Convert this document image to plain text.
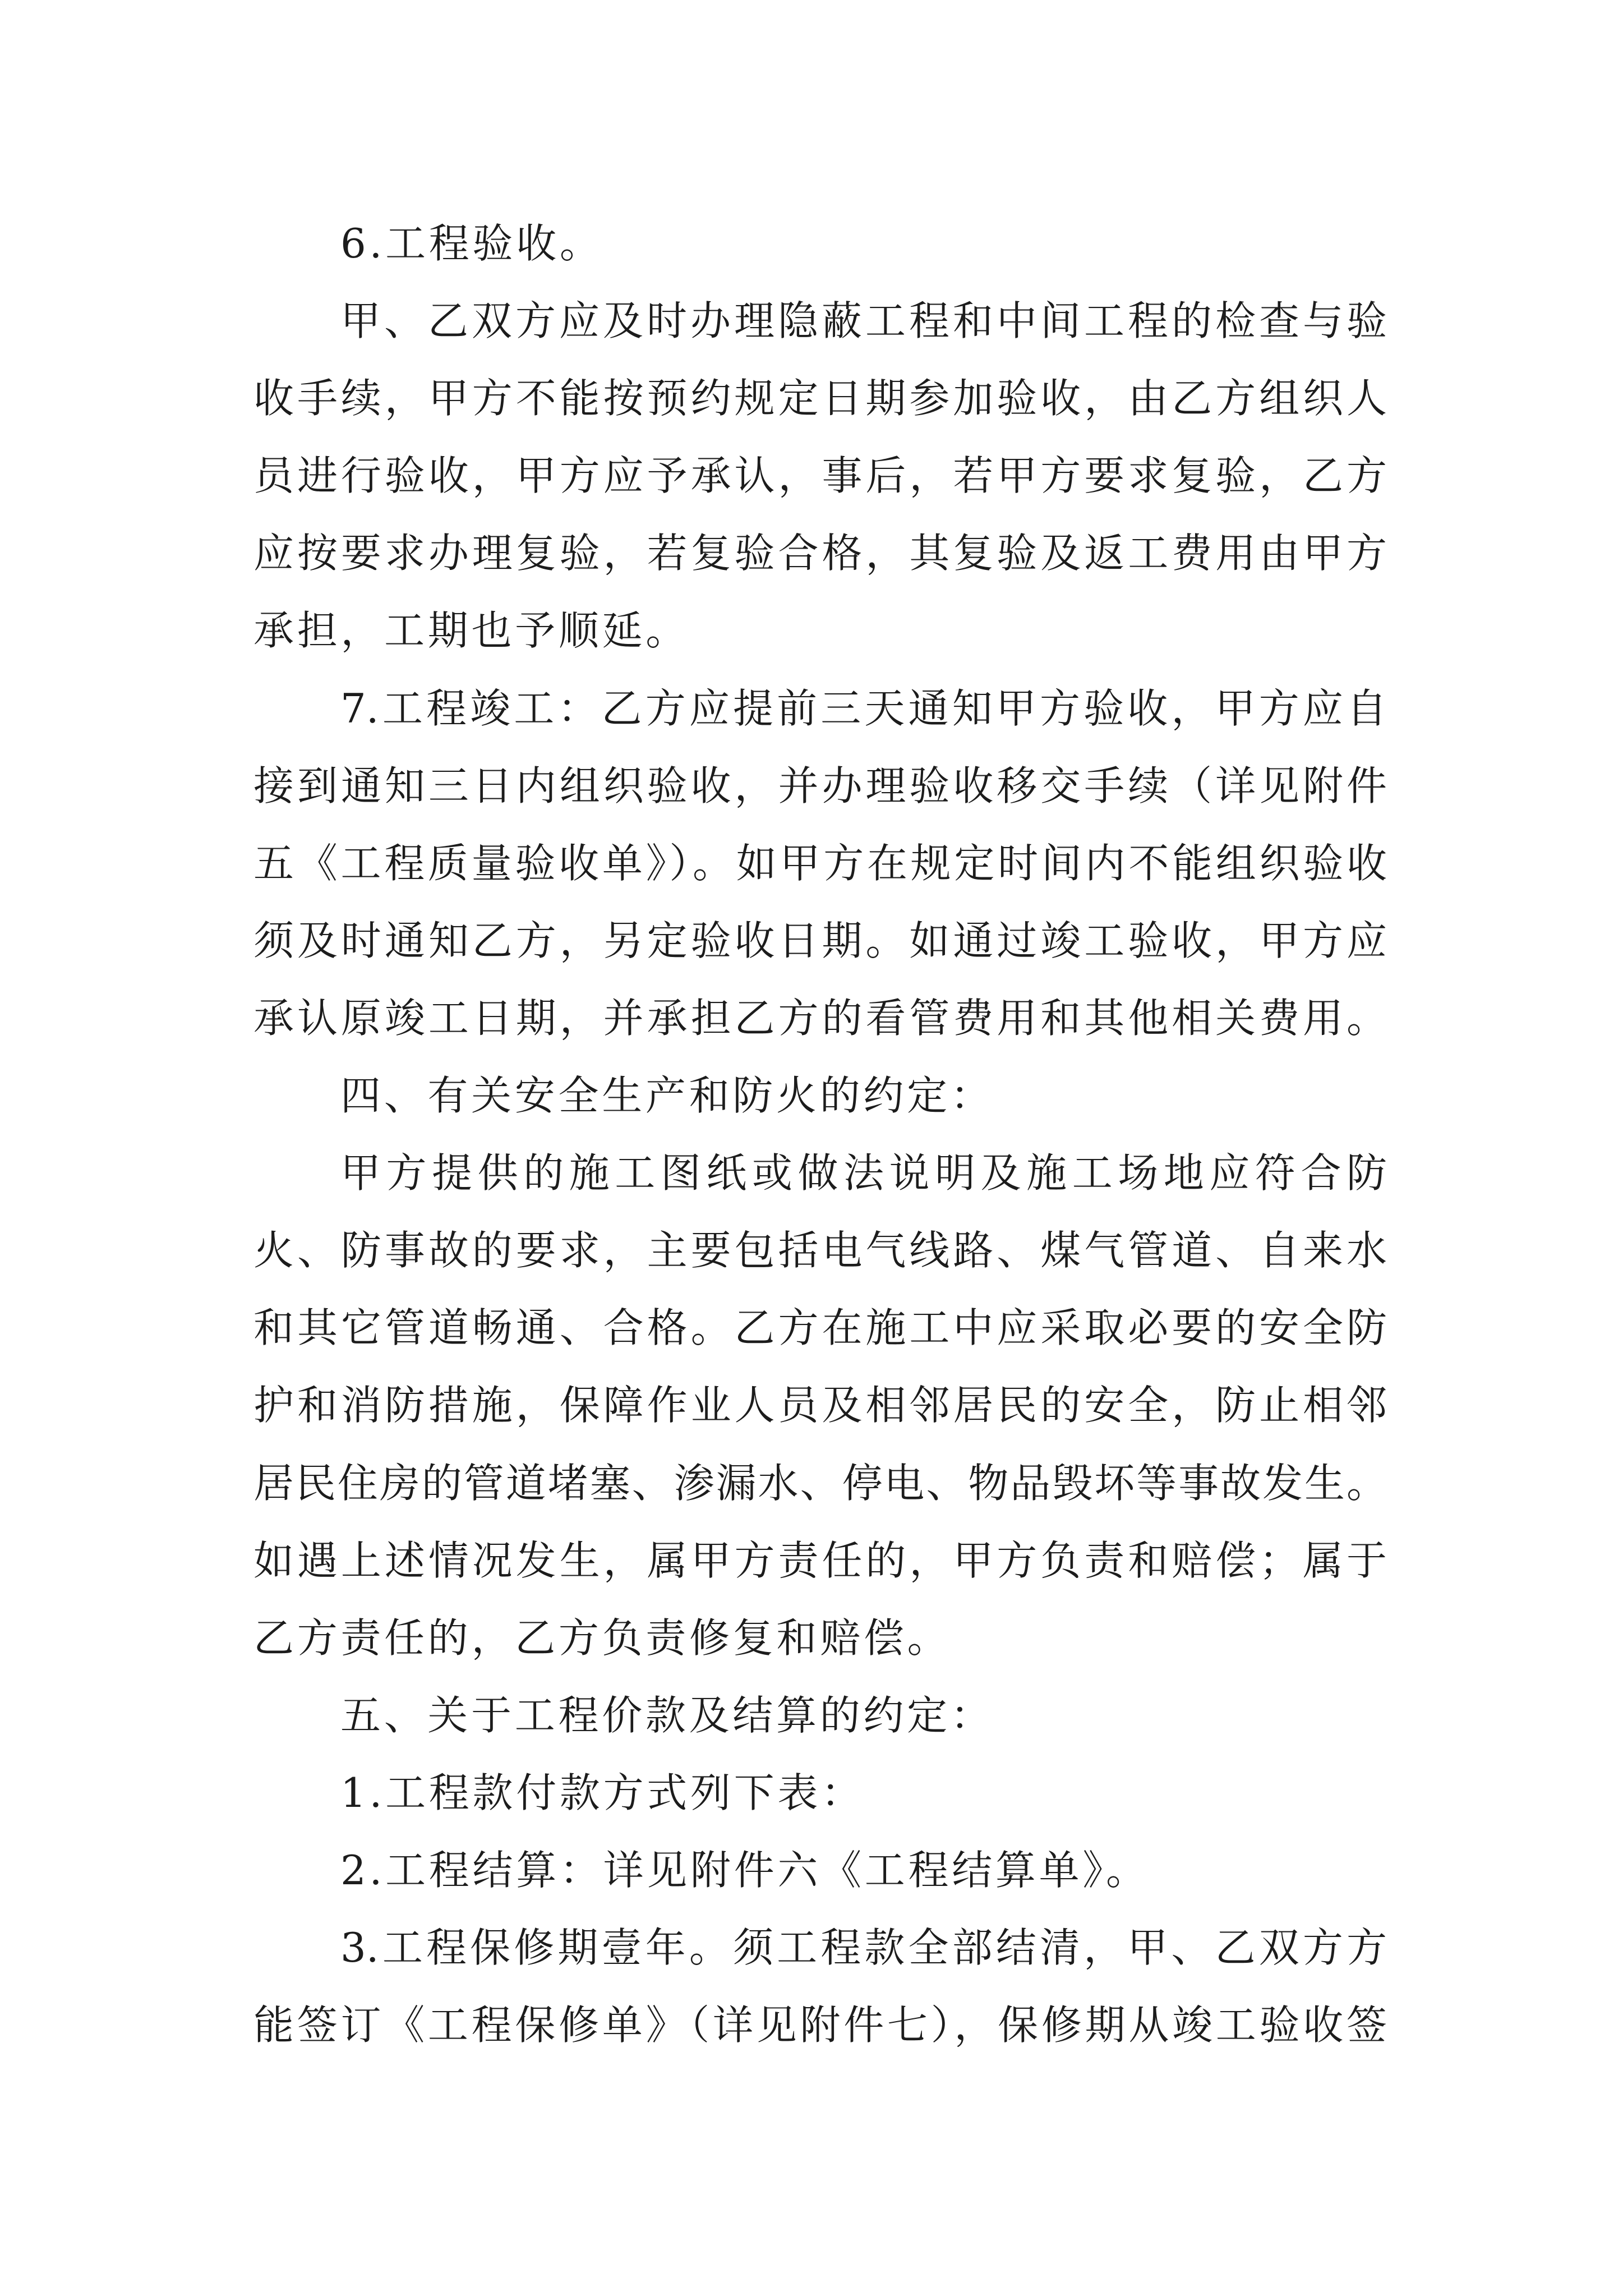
6.工程验收。
甲、乙双方应及时办理隐蔽工程和中间工程的检查与验
收手续，甲方不能按预约规定日期参加验收，由乙方组织人
员进行验收，甲方应予承认，事后，若甲方要求复验，乙方
应按要求办理复验，若复验合格，其复验及返工费用由甲方
承担，工期也予顺延。
7.工程竣工：乙方应提前三天通知甲方验收，甲方应自
接到通知三日内组织验收，并办理验收移交手续（详见附件
五《工程质量验收单》）。如甲方在规定时间内不能组织验收
须及时通知乙方，另定验收日期。如通过竣工验收，甲方应
承认原竣工日期，并承担乙方的看管费用和其他相关费用。
四、有关安全生产和防火的约定：
甲方提供的施工图纸或做法说明及施工场地应符合防
火、防事故的要求，主要包括电气线路、煤气管道、自来水
和其它管道畅通、合格。乙方在施工中应采取必要的安全防
护和消防措施，保障作业人员及相邻居民的安全，防止相邻
居民住房的管道堵塞、渗漏水、停电、物品毁坏等事故发生。
如遇上述情况发生，属甲方责任的，甲方负责和赔偿；属于
乙方责任的，乙方负责修复和赔偿。
五、关于工程价款及结算的约定：
1.工程款付款方式列下表：
2.工程结算：详见附件六《工程结算单》。
3.工程保修期壹年。须工程款全部结清，甲、乙双方方
能签订《工程保修单》（详见附件七），保修期从竣工验收签
